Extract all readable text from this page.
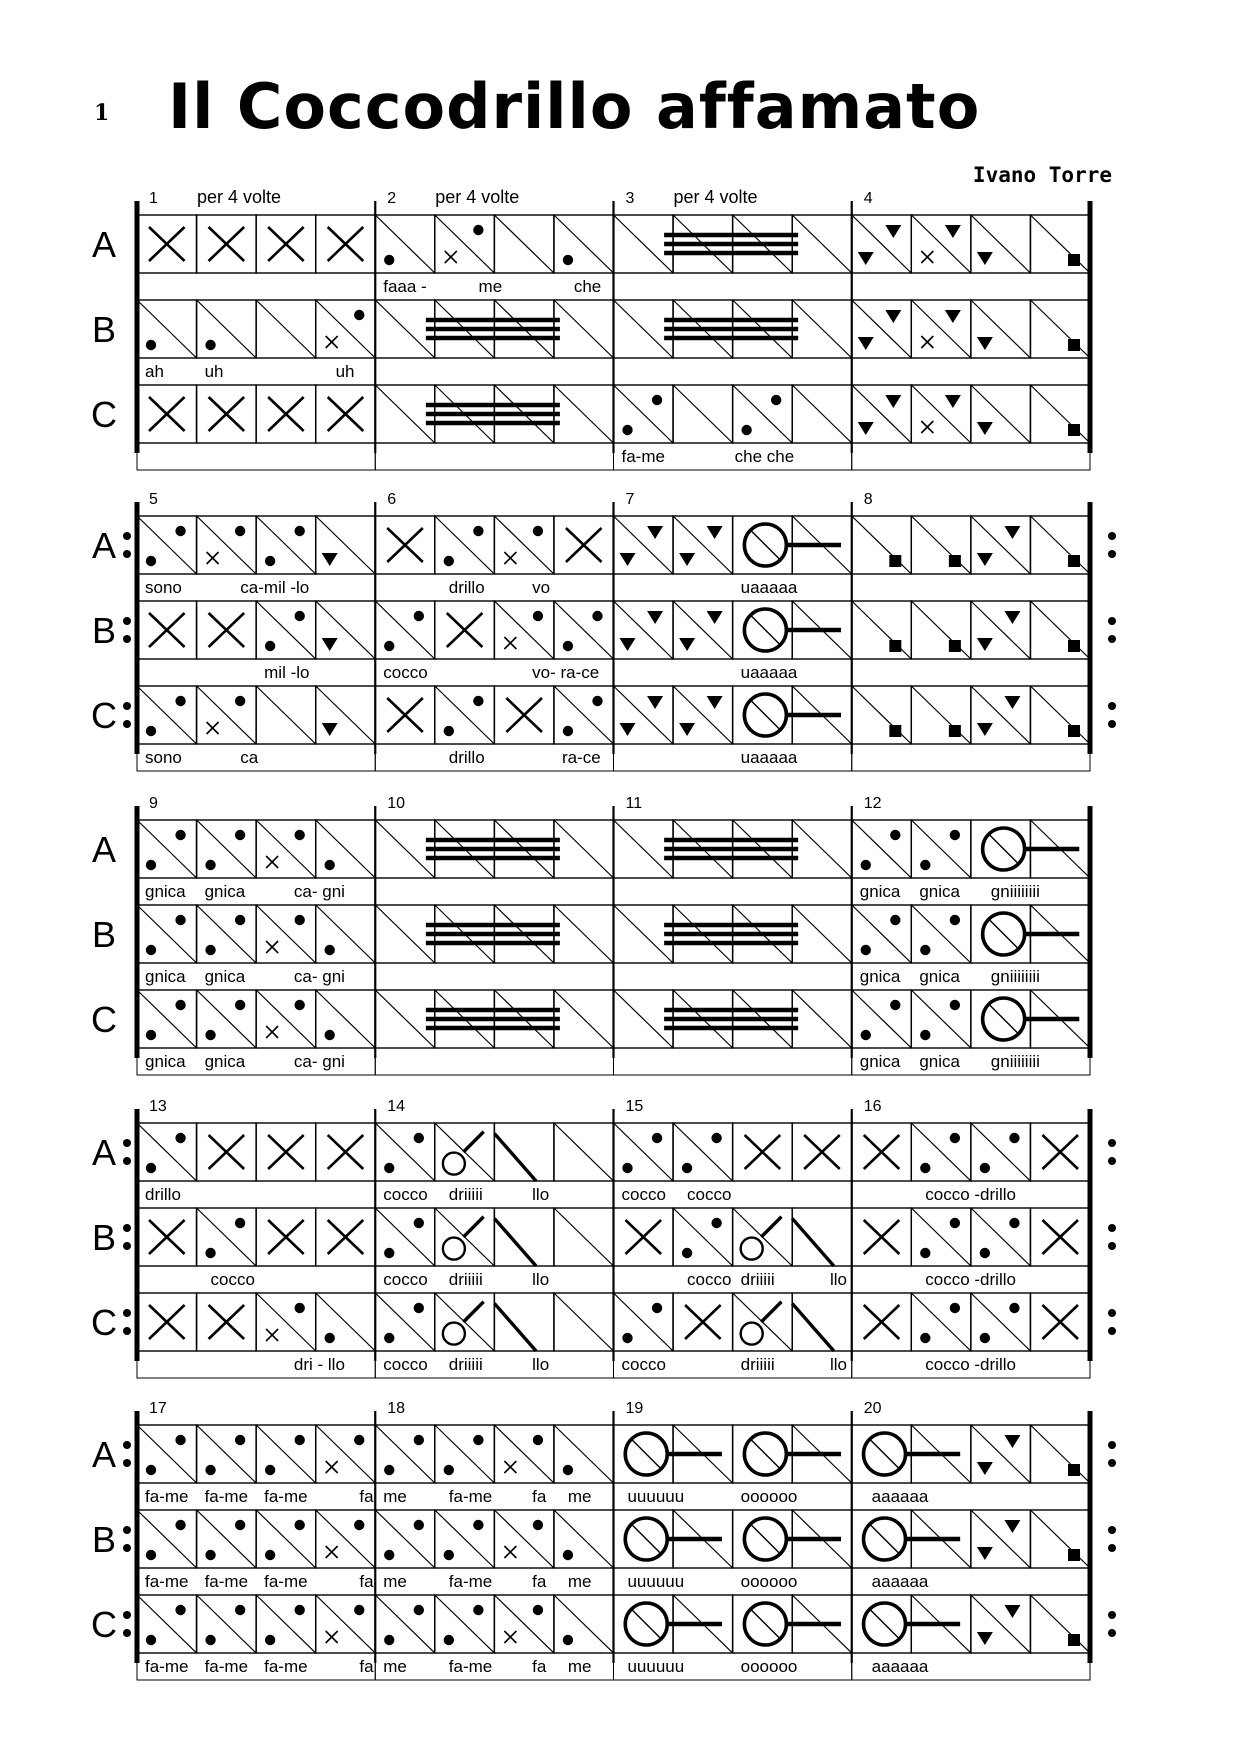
1 Il Coccodrillo affamato
Ivano Torre
1 per 4 volte
ah uh	uh
2 per 4 volte
faaa -	me	che
3 per 4 volte
fa-me	che che
4
A
B
C
5
sono	ca-mil -lo
mil -lo
sono	ca
6
drillo	vo
cocco	vo- ra-ce
drillo	ra-ce
7
uaaaaa
uaaaaa
uaaaaa
8
A
B
C
9
gnica gnica	ca- gni
gnica gnica	ca- gni
gnica gnica	ca- gni
10	11	12
gnica gnica gniiiiiiii
gnica gnica gniiiiiiii
gnica gnica gniiiiiiii
A
B
C
13
drillo
cocco
dri - llo
14
cocco driiiii	llo
cocco driiiii	llo
cocco driiiii	llo
15
cocco cocco
cocco driiiii	llo
cocco	driiiii	llo
16
cocco -drillo
cocco -drillo
cocco -drillo
A
B
C
17
fa-me fa-me fa-me	fa
fa-me fa-me fa-me	fa
fa-me fa-me fa-me	fa
18
me fa-me fa me
me fa-me fa me
me fa-me fa me
19
uuuuuu	oooooo
uuuuuu	oooooo
uuuuuu	oooooo
20
aaaaaa
aaaaaa
aaaaaa
A
B
C
